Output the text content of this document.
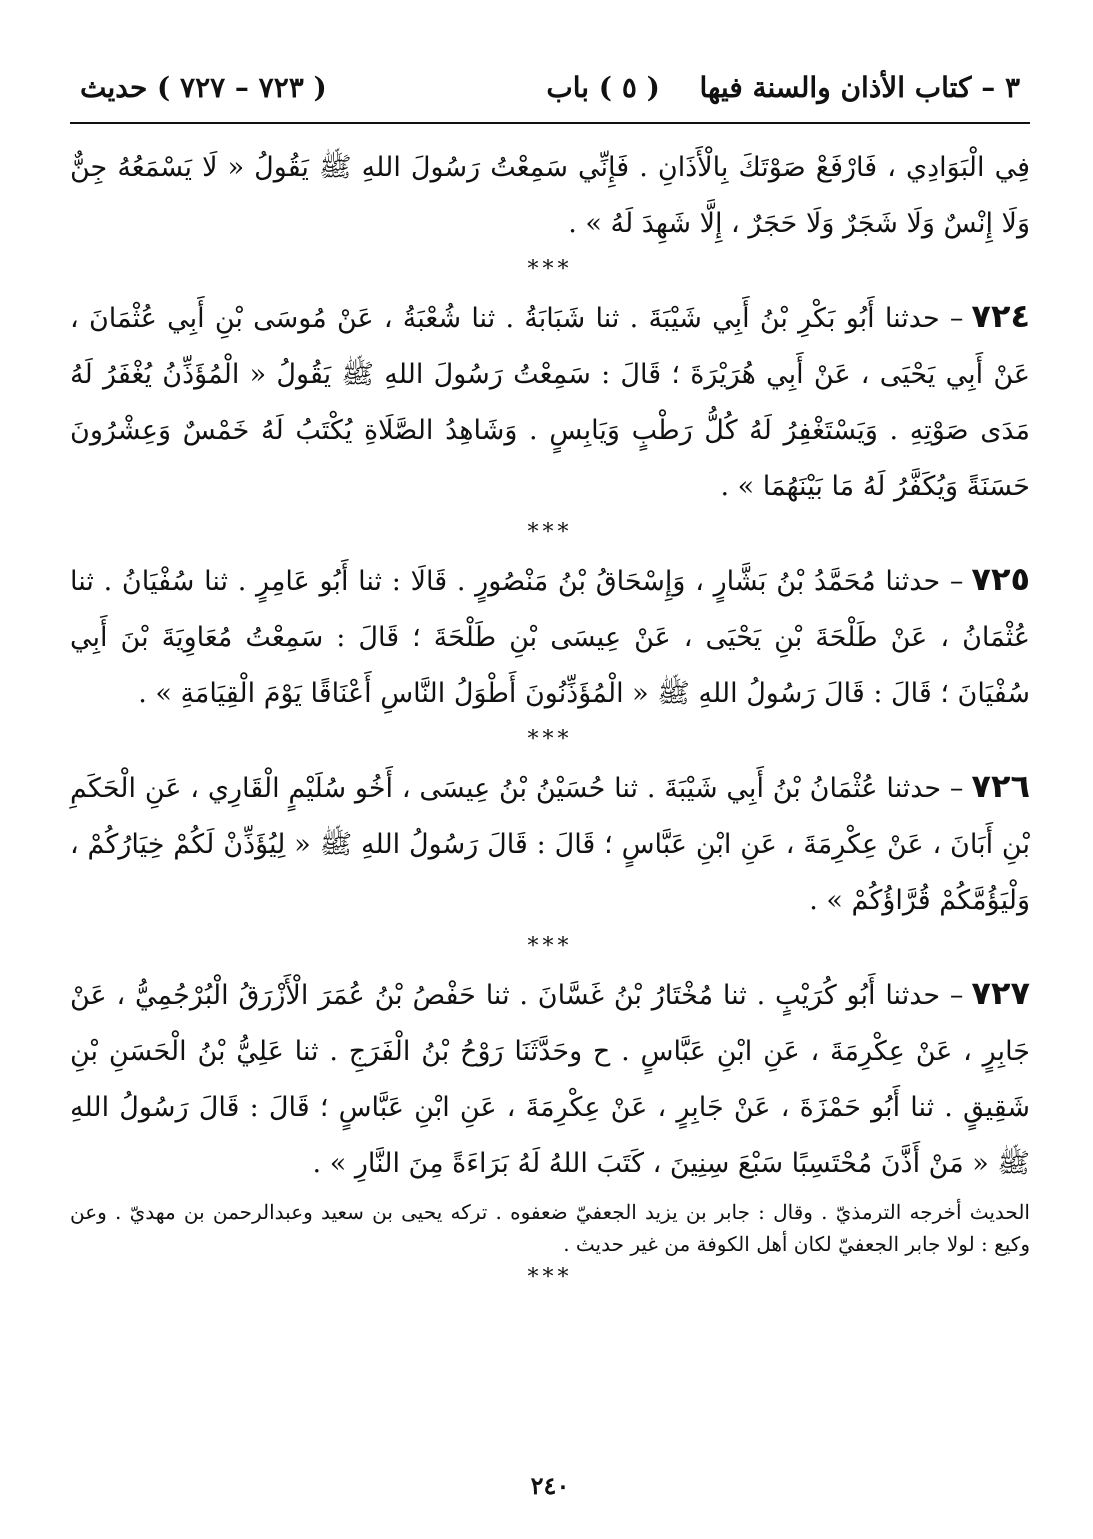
٣ – كتاب الأذان والسنة فيها
( ٥ ) باب
( ٧٢٣ – ٧٢٧ ) حديث

فِي الْبَوَادِي ، فَارْفَعْ صَوْتَكَ بِالْأَذَانِ . فَإِنِّي سَمِعْتُ رَسُولَ اللهِ ﷺ يَقُولُ « لَا يَسْمَعُهُ جِنٌّ وَلَا إِنْسٌ وَلَا شَجَرٌ وَلَا حَجَرٌ ، إِلَّا شَهِدَ لَهُ » .

***

٧٢٤– حدثنا أَبُو بَكْرِ بْنُ أَبِي شَيْبَةَ . ثنا شَبَابَةُ . ثنا شُعْبَةُ ، عَنْ مُوسَى بْنِ أَبِي عُثْمَانَ ، عَنْ أَبِي يَحْيَى ، عَنْ أَبِي هُرَيْرَةَ ؛ قَالَ : سَمِعْتُ رَسُولَ اللهِ ﷺ يَقُولُ « الْمُؤَذِّنُ يُغْفَرُ لَهُ مَدَى صَوْتِهِ . وَيَسْتَغْفِرُ لَهُ كُلُّ رَطْبٍ وَيَابِسٍ . وَشَاهِدُ الصَّلَاةِ يُكْتَبُ لَهُ خَمْسٌ وَعِشْرُونَ حَسَنَةً وَيُكَفَّرُ لَهُ مَا بَيْنَهُمَا » .

***

٧٢٥– حدثنا مُحَمَّدُ بْنُ بَشَّارٍ ، وَإِسْحَاقُ بْنُ مَنْصُورٍ . قَالَا : ثنا أَبُو عَامِرٍ . ثنا سُفْيَانُ . ثنا عُثْمَانُ ، عَنْ طَلْحَةَ بْنِ يَحْيَى ، عَنْ عِيسَى بْنِ طَلْحَةَ ؛ قَالَ : سَمِعْتُ مُعَاوِيَةَ بْنَ أَبِي سُفْيَانَ ؛ قَالَ : قَالَ رَسُولُ اللهِ ﷺ « الْمُؤَذِّنُونَ أَطْوَلُ النَّاسِ أَعْنَاقًا يَوْمَ الْقِيَامَةِ » .

***

٧٢٦– حدثنا عُثْمَانُ بْنُ أَبِي شَيْبَةَ . ثنا حُسَيْنُ بْنُ عِيسَى ، أَخُو سُلَيْمٍ الْقَارِي ، عَنِ الْحَكَمِ بْنِ أَبَانَ ، عَنْ عِكْرِمَةَ ، عَنِ ابْنِ عَبَّاسٍ ؛ قَالَ : قَالَ رَسُولُ اللهِ ﷺ « لِيُؤَذِّنْ لَكُمْ خِيَارُكُمْ ، وَلْيَؤُمَّكُمْ قُرَّاؤُكُمْ » .

***

٧٢٧– حدثنا أَبُو كُرَيْبٍ . ثنا مُخْتَارُ بْنُ غَسَّانَ . ثنا حَفْصُ بْنُ عُمَرَ الْأَزْرَقُ الْبُرْجُمِيُّ ، عَنْ جَابِرٍ ، عَنْ عِكْرِمَةَ ، عَنِ ابْنِ عَبَّاسٍ . ح وحَدَّثَنَا رَوْحُ بْنُ الْفَرَجِ . ثنا عَلِيُّ بْنُ الْحَسَنِ بْنِ شَقِيقٍ . ثنا أَبُو حَمْزَةَ ، عَنْ جَابِرٍ ، عَنْ عِكْرِمَةَ ، عَنِ ابْنِ عَبَّاسٍ ؛ قَالَ : قَالَ رَسُولُ اللهِ ﷺ « مَنْ أَذَّنَ مُحْتَسِبًا سَبْعَ سِنِينَ ، كَتَبَ اللهُ لَهُ بَرَاءَةً مِنَ النَّارِ » .

الحديث أخرجه الترمذيّ . وقال : جابر بن يزيد الجعفيّ ضعفوه . تركه يحيى بن سعيد وعبدالرحمن بن مهديّ . وعن وكيع : لولا جابر الجعفيّ لكان أهل الكوفة من غير حديث .

***
٢٤٠
